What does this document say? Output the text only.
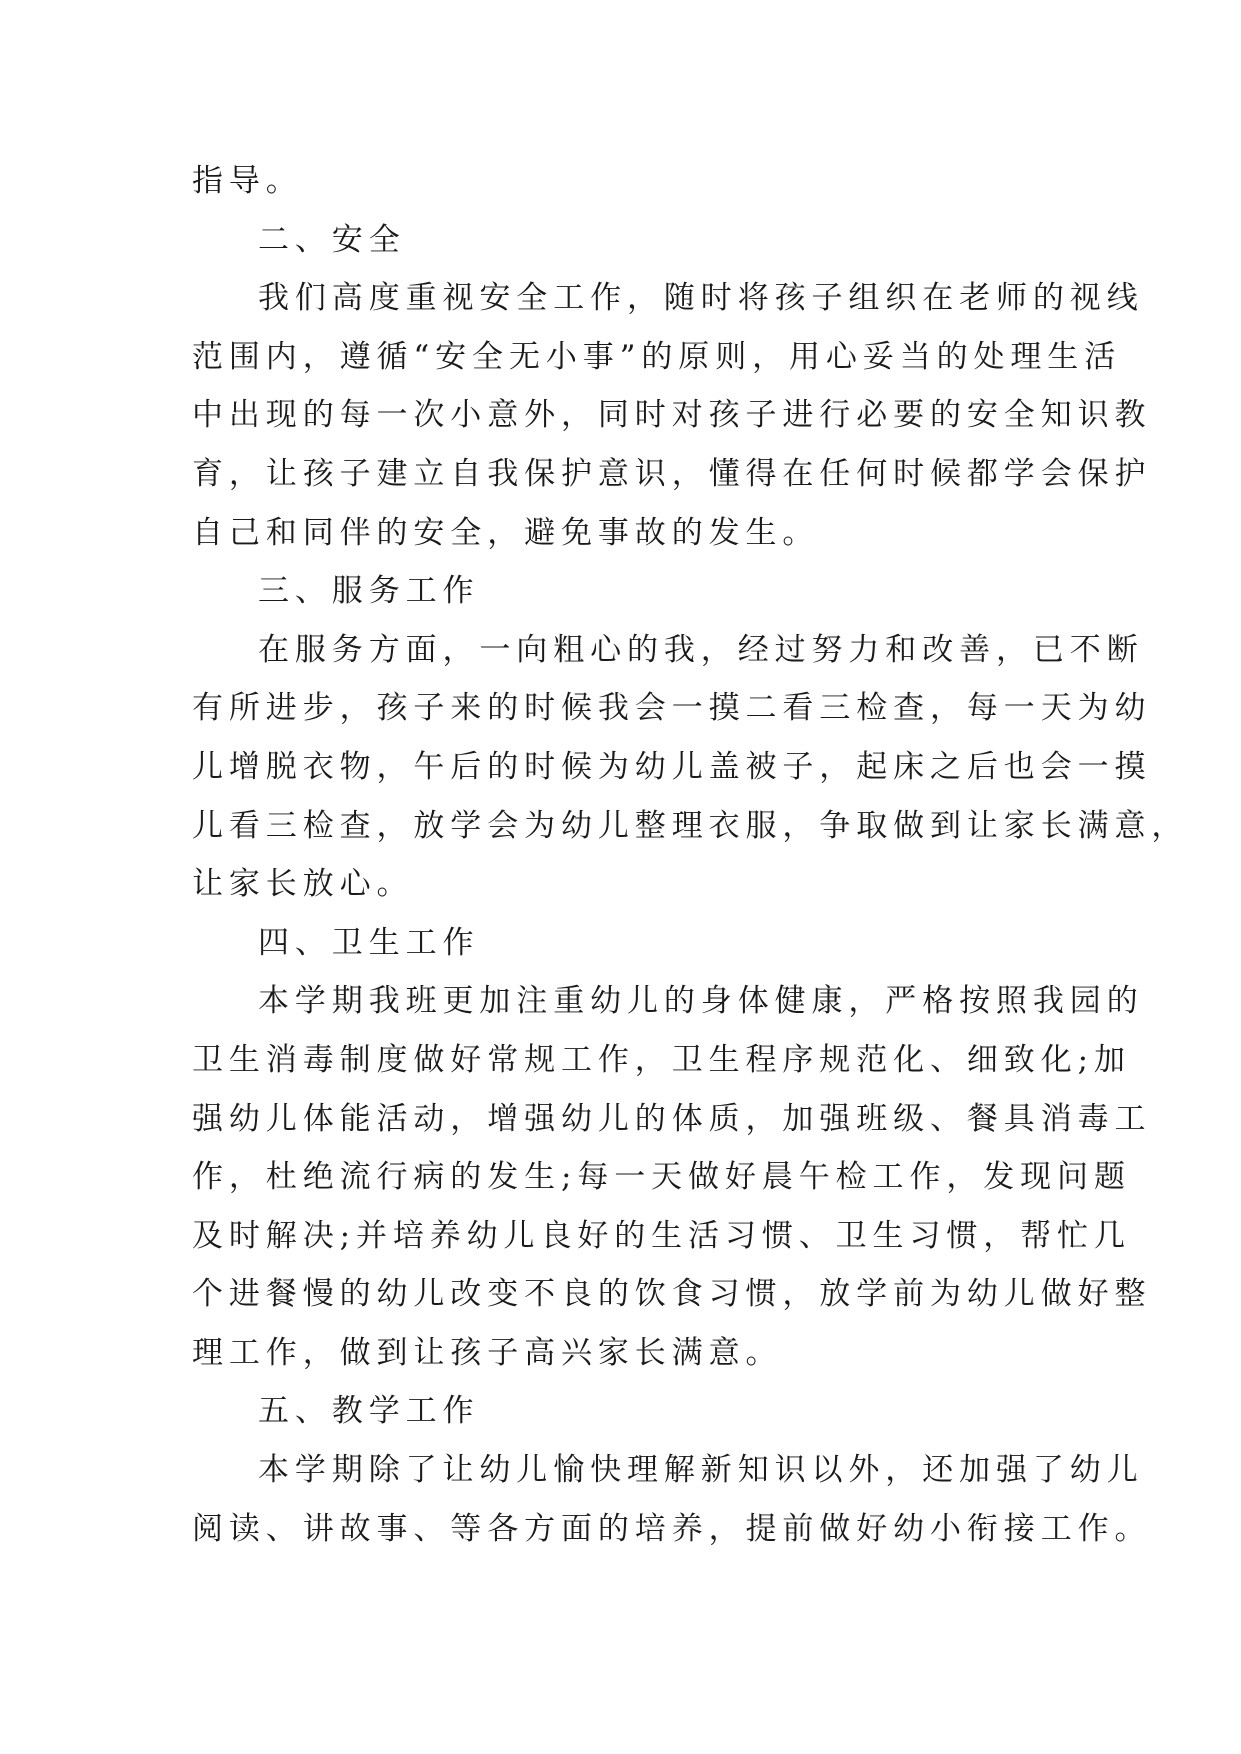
指导。
二、安全
我们高度重视安全工作，随时将孩子组织在老师的视线
范围内，遵循“安全无小事”的原则，用心妥当的处理生活
中出现的每一次小意外，同时对孩子进行必要的安全知识教
育，让孩子建立自我保护意识，懂得在任何时候都学会保护
自己和同伴的安全，避免事故的发生。
三、服务工作
在服务方面，一向粗心的我，经过努力和改善，已不断
有所进步，孩子来的时候我会一摸二看三检查，每一天为幼
儿增脱衣物，午后的时候为幼儿盖被子，起床之后也会一摸
儿看三检查，放学会为幼儿整理衣服，争取做到让家长满意，
让家长放心。
四、卫生工作
本学期我班更加注重幼儿的身体健康，严格按照我园的
卫生消毒制度做好常规工作，卫生程序规范化、细致化;加
强幼儿体能活动，增强幼儿的体质，加强班级、餐具消毒工
作，杜绝流行病的发生;每一天做好晨午检工作，发现问题
及时解决;并培养幼儿良好的生活习惯、卫生习惯，帮忙几
个进餐慢的幼儿改变不良的饮食习惯，放学前为幼儿做好整
理工作，做到让孩子高兴家长满意。
五、教学工作
本学期除了让幼儿愉快理解新知识以外，还加强了幼儿
阅读、讲故事、等各方面的培养，提前做好幼小衔接工作。
